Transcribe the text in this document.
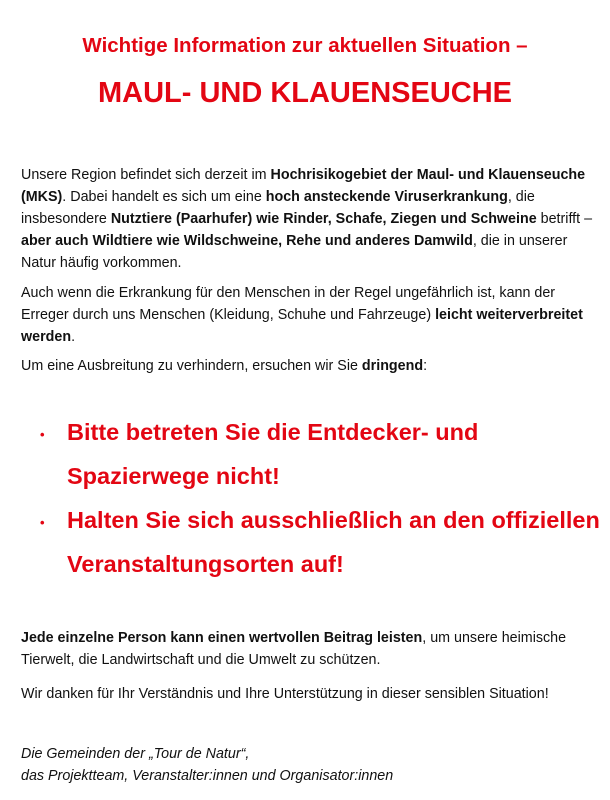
Wichtige Information zur aktuellen Situation –
MAUL- UND KLAUENSEUCHE

Unsere Region befindet sich derzeit im Hochrisikogebiet der Maul- und Klauenseuche (MKS). Dabei handelt es sich um eine hoch ansteckende Viruserkrankung, die insbesondere Nutztiere (Paarhufer) wie Rinder, Schafe, Ziegen und Schweine betrifft – aber auch Wildtiere wie Wildschweine, Rehe und anderes Damwild, die in unserer Natur häufig vorkommen.

Auch wenn die Erkrankung für den Menschen in der Regel ungefährlich ist, kann der Erreger durch uns Menschen (Kleidung, Schuhe und Fahrzeuge) leicht weiterverbreitet werden.

Um eine Ausbreitung zu verhindern, ersuchen wir Sie dringend:

• Bitte betreten Sie die Entdecker- und Spazierwege nicht!
• Halten Sie sich ausschließlich an den offiziellen Veranstaltungsorten auf!

Jede einzelne Person kann einen wertvollen Beitrag leisten, um unsere heimische Tierwelt, die Landwirtschaft und die Umwelt zu schützen.

Wir danken für Ihr Verständnis und Ihre Unterstützung in dieser sensiblen Situation!

Die Gemeinden der „Tour de Natur“,
das Projektteam, Veranstalter:innen und Organisator:innen
